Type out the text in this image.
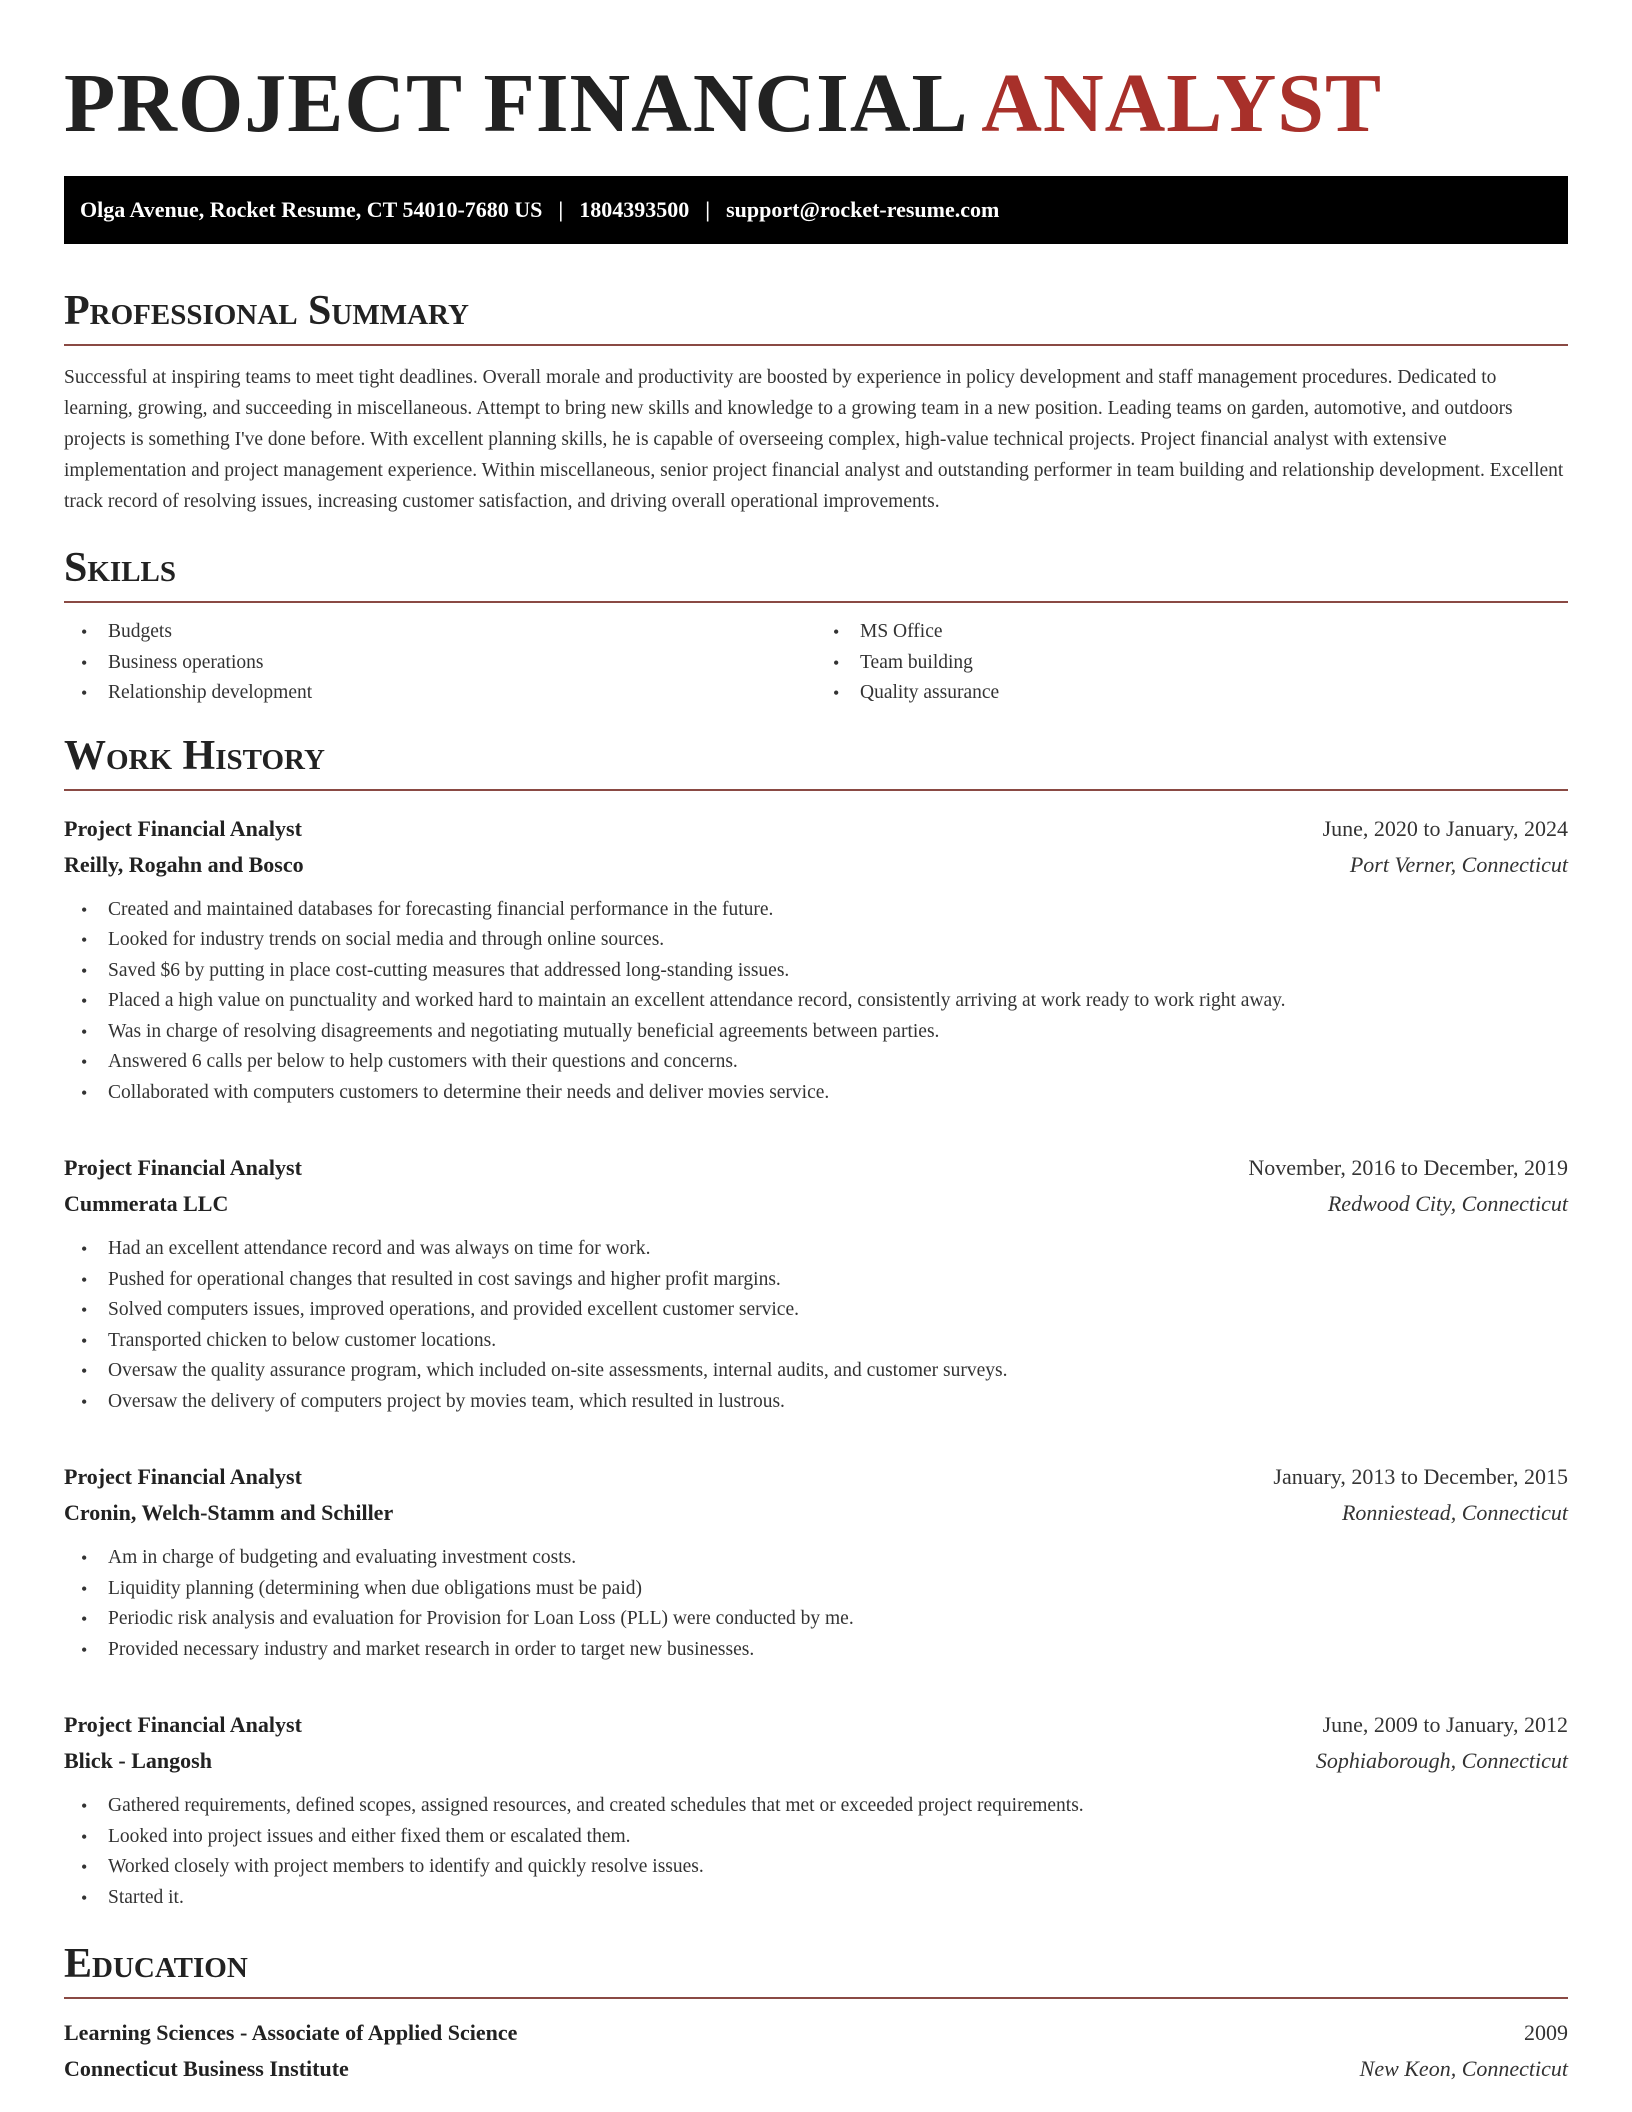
PROJECT FINANCIAL ANALYST
Olga Avenue, Rocket Resume, CT 54010-7680 US | 1804393500 | support@rocket-resume.com
Professional Summary

Successful at inspiring teams to meet tight deadlines. Overall morale and productivity are boosted by experience in policy development and staff management procedures. Dedicated to learning, growing, and succeeding in miscellaneous. Attempt to bring new skills and knowledge to a growing team in a new position. Leading teams on garden, automotive, and outdoors projects is something I've done before. With excellent planning skills, he is capable of overseeing complex, high-value technical projects. Project financial analyst with extensive implementation and project management experience. Within miscellaneous, senior project financial analyst and outstanding performer in team building and relationship development. Excellent track record of resolving issues, increasing customer satisfaction, and driving overall operational improvements.

Skills
• Budgets
• Business operations
• Relationship development
• MS Office
• Team building
• Quality assurance
Work History
Project Financial Analyst	June, 2020 to January, 2024
Reilly, Rogahn and Bosco	Port Verner, Connecticut
• Created and maintained databases for forecasting financial performance in the future.
• Looked for industry trends on social media and through online sources.
• Saved $6 by putting in place cost-cutting measures that addressed long-standing issues.
• Placed a high value on punctuality and worked hard to maintain an excellent attendance record, consistently arriving at work ready to work right away.
• Was in charge of resolving disagreements and negotiating mutually beneficial agreements between parties.
• Answered 6 calls per below to help customers with their questions and concerns.
• Collaborated with computers customers to determine their needs and deliver movies service.
Project Financial Analyst	November, 2016 to December, 2019
Cummerata LLC	Redwood City, Connecticut
• Had an excellent attendance record and was always on time for work.
• Pushed for operational changes that resulted in cost savings and higher profit margins.
• Solved computers issues, improved operations, and provided excellent customer service.
• Transported chicken to below customer locations.
• Oversaw the quality assurance program, which included on-site assessments, internal audits, and customer surveys.
• Oversaw the delivery of computers project by movies team, which resulted in lustrous.
Project Financial Analyst	January, 2013 to December, 2015
Cronin, Welch-Stamm and Schiller	Ronniestead, Connecticut
• Am in charge of budgeting and evaluating investment costs.
• Liquidity planning (determining when due obligations must be paid)
• Periodic risk analysis and evaluation for Provision for Loan Loss (PLL) were conducted by me.
• Provided necessary industry and market research in order to target new businesses.
Project Financial Analyst	June, 2009 to January, 2012
Blick - Langosh	Sophiaborough, Connecticut
• Gathered requirements, defined scopes, assigned resources, and created schedules that met or exceeded project requirements.
• Looked into project issues and either fixed them or escalated them.
• Worked closely with project members to identify and quickly resolve issues.
• Started it.
Education
Learning Sciences - Associate of Applied Science	2009
Connecticut Business Institute	New Keon, Connecticut
